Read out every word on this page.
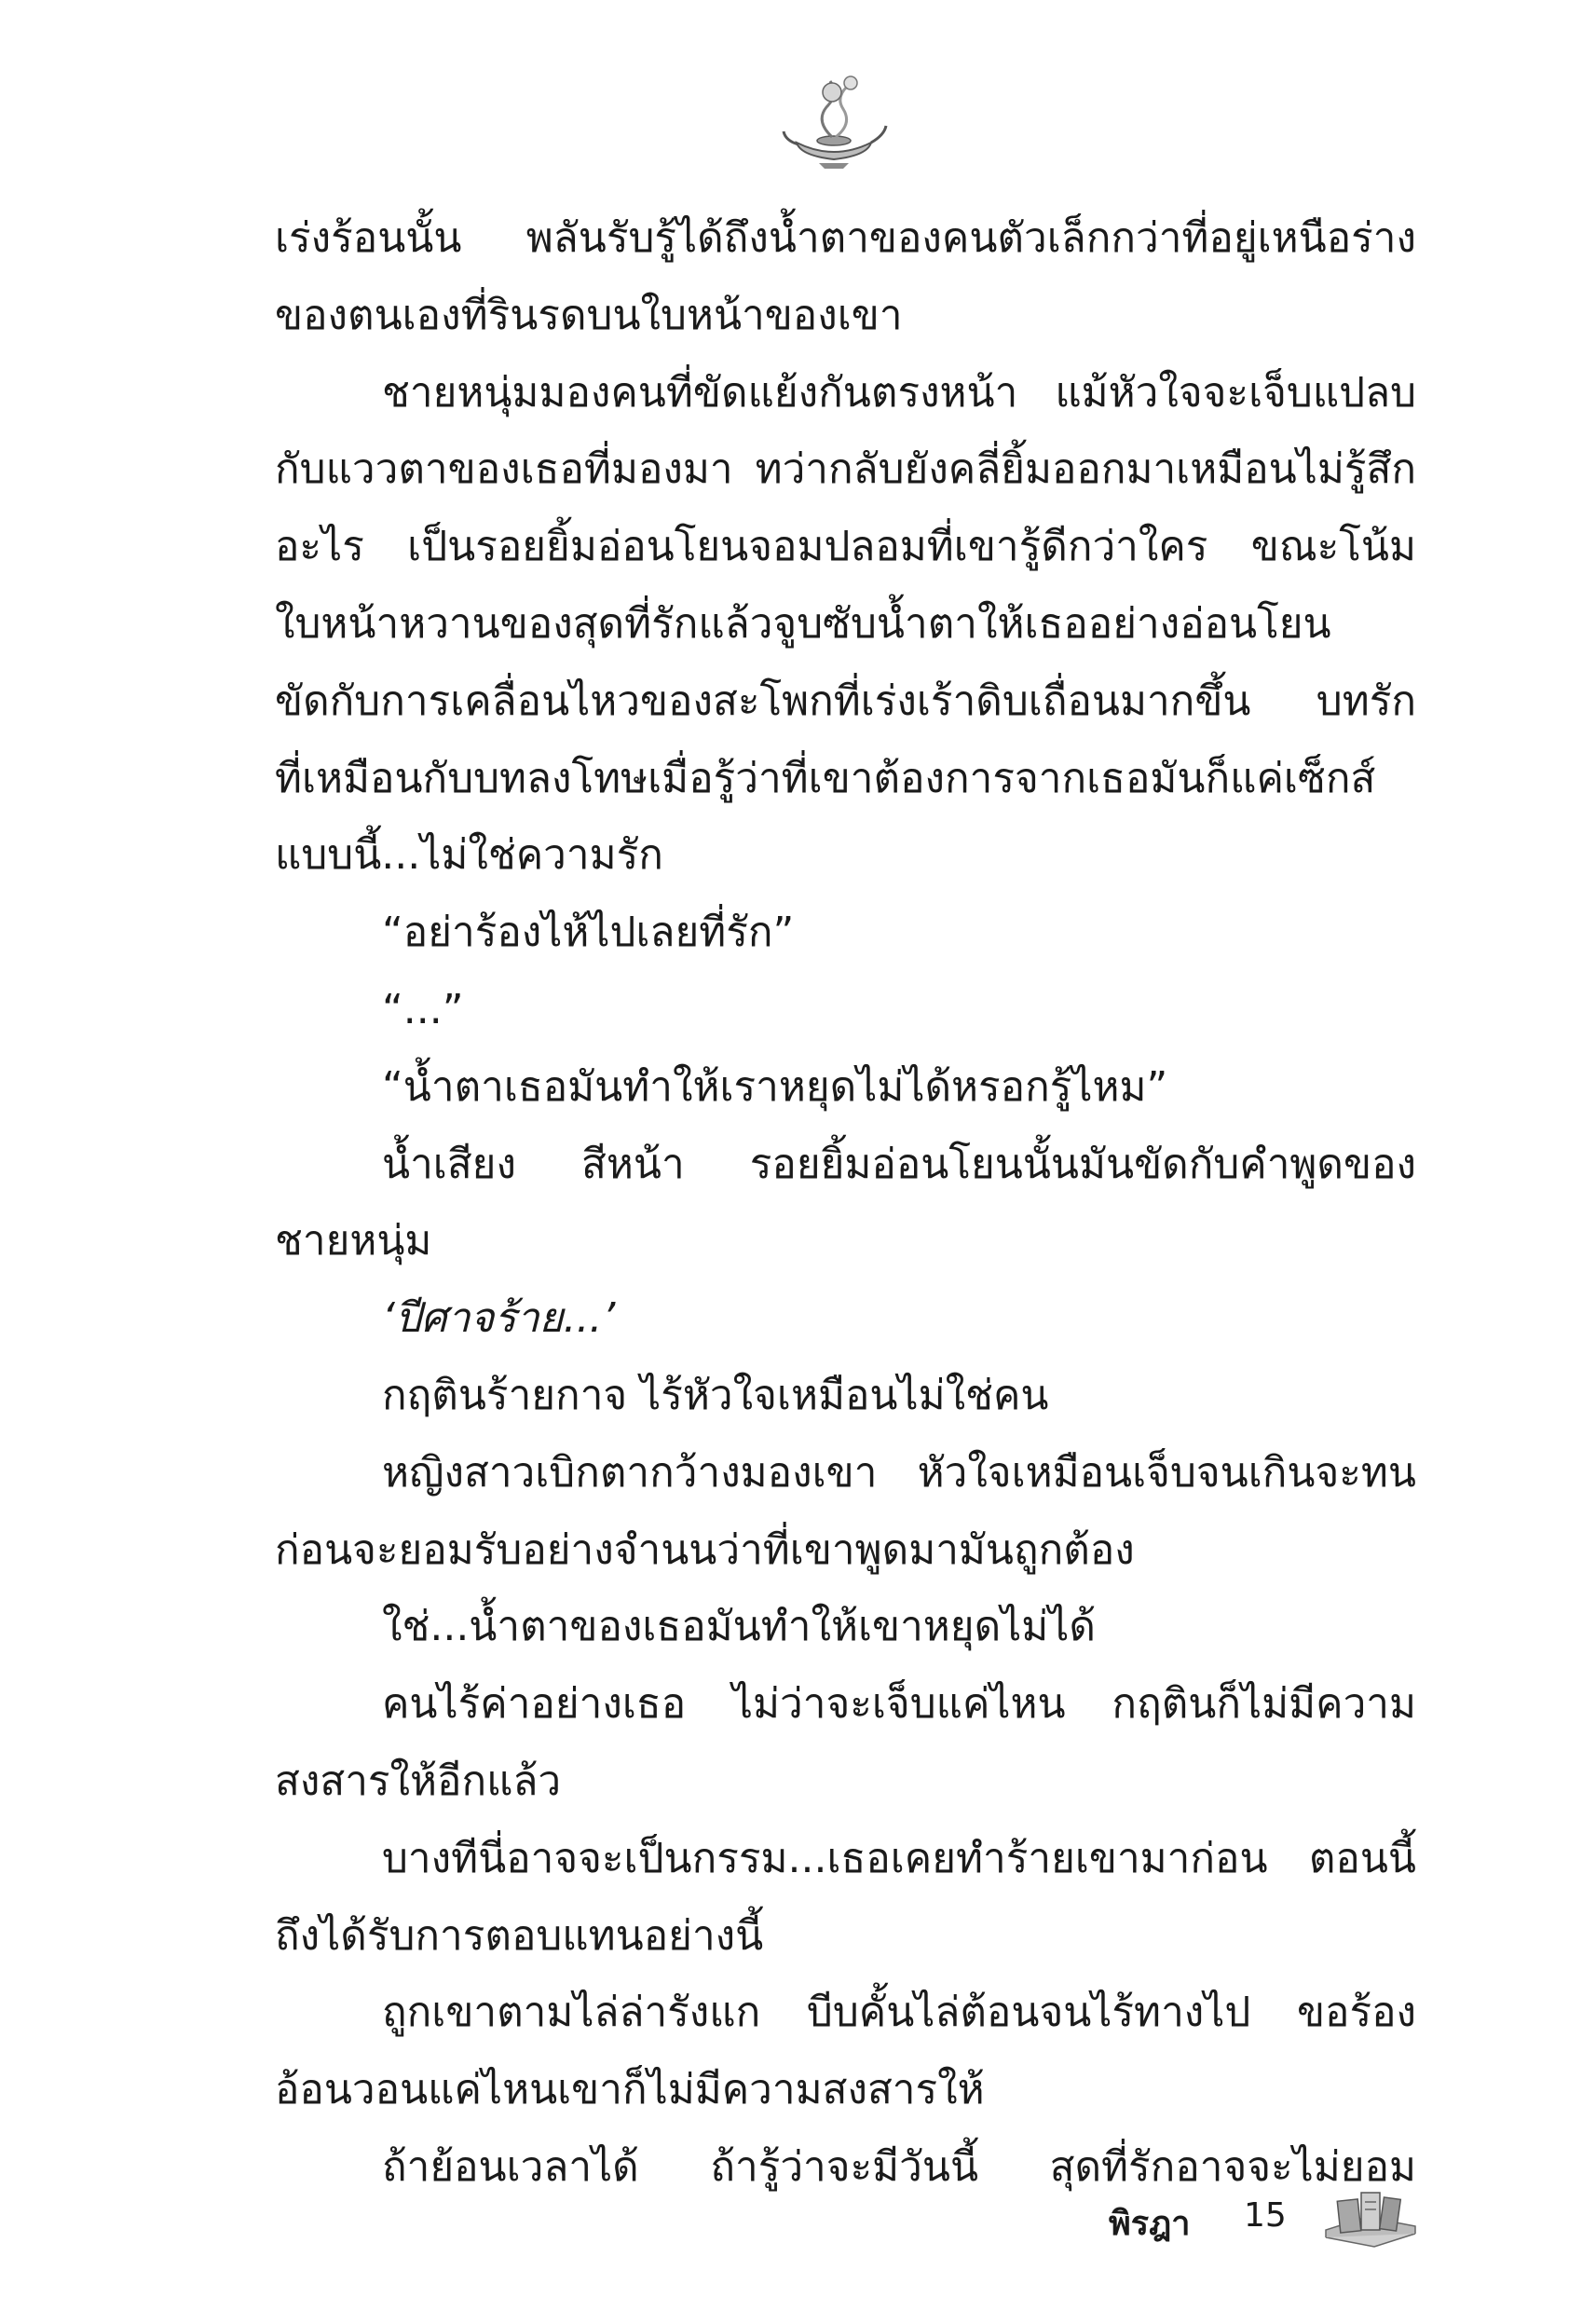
เร่งร้อนนั้น พลันรับรู้ได้ถึงน้ำตาของคนตัวเล็กกว่าที่อยู่เหนือร่าง
ของตนเองที่รินรดบนใบหน้าของเขา
ชายหนุ่มมองคนที่ขัดแย้งกันตรงหน้า แม้หัวใจจะเจ็บแปลบ
กับแววตาของเธอที่มองมา ทว่ากลับยังคลี่ยิ้มออกมาเหมือนไม่รู้สึก
อะไร เป็นรอยยิ้มอ่อนโยนจอมปลอมที่เขารู้ดีกว่าใคร ขณะโน้ม
ใบหน้าหวานของสุดที่รักแล้วจูบซับน้ำตาให้เธออย่างอ่อนโยน
ขัดกับการเคลื่อนไหวของสะโพกที่เร่งเร้าดิบเถื่อนมากขึ้น บทรัก
ที่เหมือนกับบทลงโทษเมื่อรู้ว่าที่เขาต้องการจากเธอมันก็แค่เซ็กส์
แบบนี้...ไม่ใช่ความรัก
“อย่าร้องไห้ไปเลยที่รัก”
“...”
“น้ำตาเธอมันทำให้เราหยุดไม่ได้หรอกรู้ไหม”
น้ำเสียง สีหน้า รอยยิ้มอ่อนโยนนั้นมันขัดกับคำพูดของ
ชายหนุ่ม
‘ปีศาจร้าย...’
กฤตินร้ายกาจ ไร้หัวใจเหมือนไม่ใช่คน
หญิงสาวเบิกตากว้างมองเขา หัวใจเหมือนเจ็บจนเกินจะทน
ก่อนจะยอมรับอย่างจำนนว่าที่เขาพูดมามันถูกต้อง
ใช่...น้ำตาของเธอมันทำให้เขาหยุดไม่ได้
คนไร้ค่าอย่างเธอ ไม่ว่าจะเจ็บแค่ไหน กฤตินก็ไม่มีความ
สงสารให้อีกแล้ว
บางทีนี่อาจจะเป็นกรรม...เธอเคยทำร้ายเขามาก่อน ตอนนี้
ถึงได้รับการตอบแทนอย่างนี้
ถูกเขาตามไล่ล่ารังแก บีบคั้นไล่ต้อนจนไร้ทางไป ขอร้อง
อ้อนวอนแค่ไหนเขาก็ไม่มีความสงสารให้
ถ้าย้อนเวลาได้ ถ้ารู้ว่าจะมีวันนี้ สุดที่รักอาจจะไม่ยอม
พิรฎา 15
